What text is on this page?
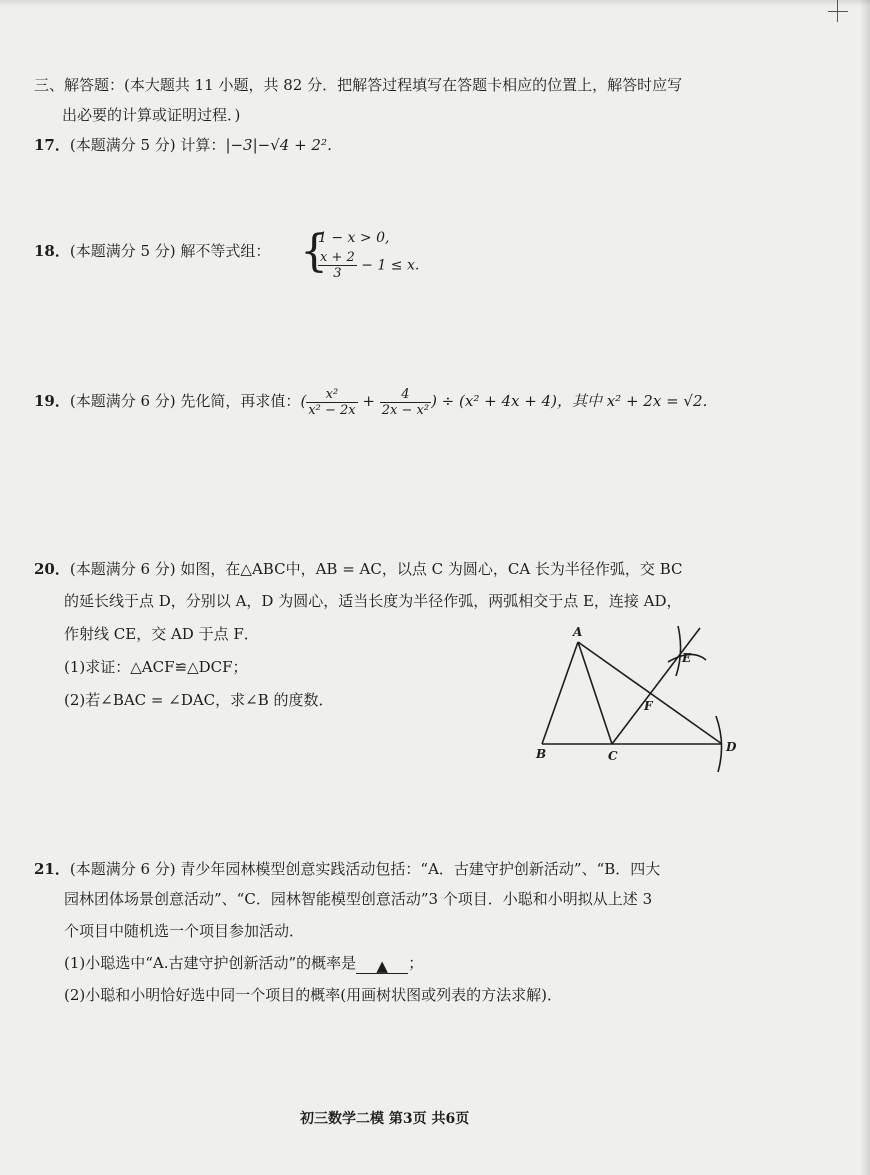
三、解答题：(本大题共 11 小题，共 82 分．把解答过程填写在答题卡相应的位置上，解答时应写
出必要的计算或证明过程．)
17．(本题满分 5 分) 计算：|−3|−√4 + 2²．
18．(本题满分 5 分) 解不等式组： {
1 − x > 0,
$\frac{x + 2}{3} - 1 \le x$.
19．(本题满分 6 分) 先化简，再求值：( $\frac{\text{x²}}{\text{x² − 2x}} + \frac{4}{\text{2x − x²}}$ ) ÷ (x² + 4x + 4)，其中 x² + 2x = √2．
20．(本题满分 6 分) 如图，在△ABC中，AB = AC，以点 C 为圆心，CA 长为半径作弧，交 BC
的延长线于点 D，分别以 A，D 为圆心，适当长度为半径作弧，两弧相交于点 E，连接 AD，
作射线 CE，交 AD 于点 F．
(1)求证：△ACF≌△DCF；
(2)若∠BAC = ∠DAC，求∠B 的度数．
A
B	C
D
E
F
21．(本题满分 6 分) 青少年园林模型创意实践活动包括：“A．古建守护创新活动”、“B．四大
园林团体场景创意活动”、“C．园林智能模型创意活动”3 个项目．小聪和小明拟从上述 3
个项目中随机选一个项目参加活动．
(1)小聪选中“A.古建守护创新活动”的概率是 ▲ ；
(2)小聪和小明恰好选中同一个项目的概率(用画树状图或列表的方法求解)．
初三数学二模 第3页 共6页
